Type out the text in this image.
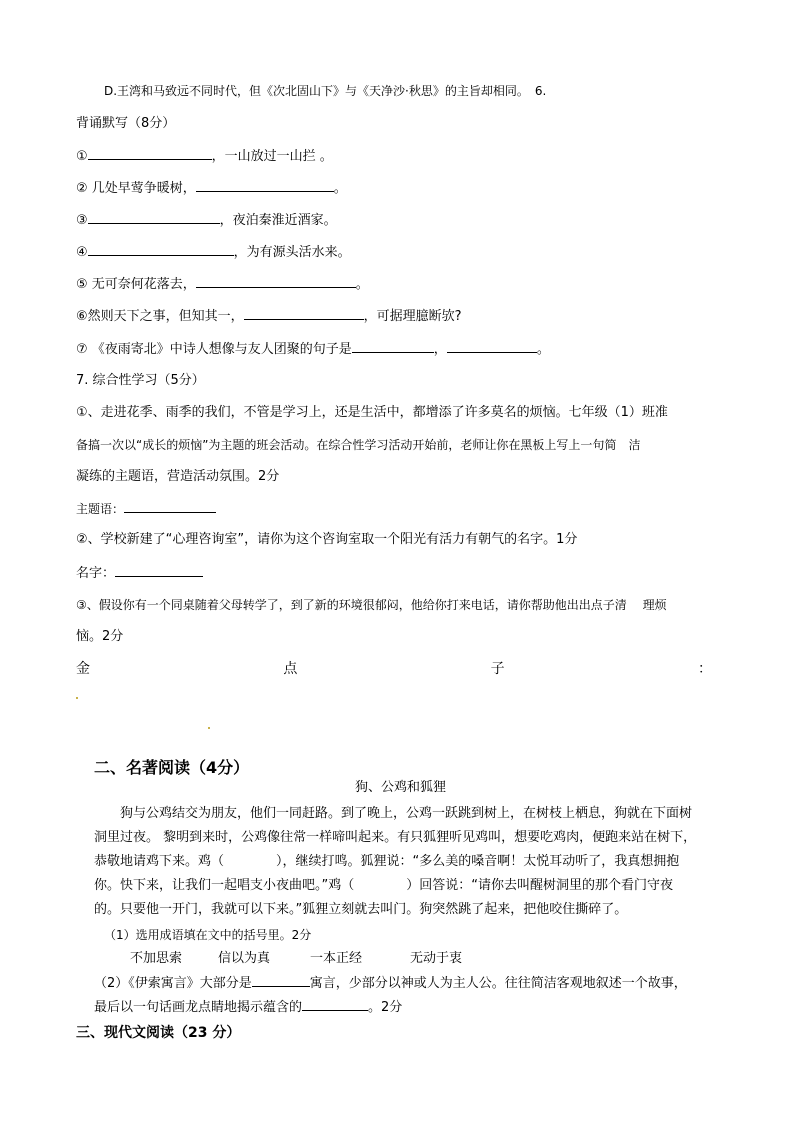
D.王湾和马致远不同时代，但《次北固山下》与《天净沙·秋思》的主旨却相同。　6.
背诵默写（8分）
①	，一山放过一山拦 。
② 几处早莺争暖树，	。
③	，夜泊秦淮近酒家。
④	，为有源头活水来。
⑤ 无可奈何花落去，	。
⑥然则天下之事，但知其一，	，可据理臆断欤?
⑦ 《夜雨寄北》中诗人想像与友人团聚的句子是	，	。
7. 综合性学习（5分）
①、走进花季、雨季的我们，不管是学习上，还是生活中，都增添了许多莫名的烦恼。七年级（1）班准
备搞一次以“成长的烦恼”为主题的班会活动。在综合性学习活动开始前，老师让你在黑板上写上一句简　洁
凝练的主题语，营造活动氛围。2分
主题语：
②、学校新建了“心理咨询室”，请你为这个咨询室取一个阳光有活力有朝气的名字。1分
名字：
③、假设你有一个同桌随着父母转学了，到了新的环境很郁闷，他给你打来电话，请你帮助他出出点子清　 理烦
恼。2分
金	点	子	：
二、名著阅读（4分）
狗、公鸡和狐狸
　　狗与公鸡结交为朋友，他们一同赶路。到了晚上，公鸡一跃跳到树上，在树枝上栖息，狗就在下面树
洞里过夜。 黎明到来时，公鸡像往常一样啼叫起来。有只狐狸听见鸡叫，想要吃鸡肉，便跑来站在树下，
恭敬地请鸡下来。鸡（　　　　），继续打鸣。狐狸说：“多么美的嗓音啊！太悦耳动听了，我真想拥抱
你。快下来，让我们一起唱支小夜曲吧。”鸡（　　　　）回答说：“请你去叫醒树洞里的那个看门守夜
的。只要他一开门，我就可以下来。”狐狸立刻就去叫门。狗突然跳了起来，把他咬住撕碎了。
（1）选用成语填在文中的括号里。2分
不加思索	信以为真	一本正经	无动于衷
（2）《伊索寓言》大部分是	寓言，少部分以神或人为主人公。往往简洁客观地叙述一个故事，
最后以一句话画龙点睛地揭示蕴含的	。2分
三、现代文阅读（23 分）
